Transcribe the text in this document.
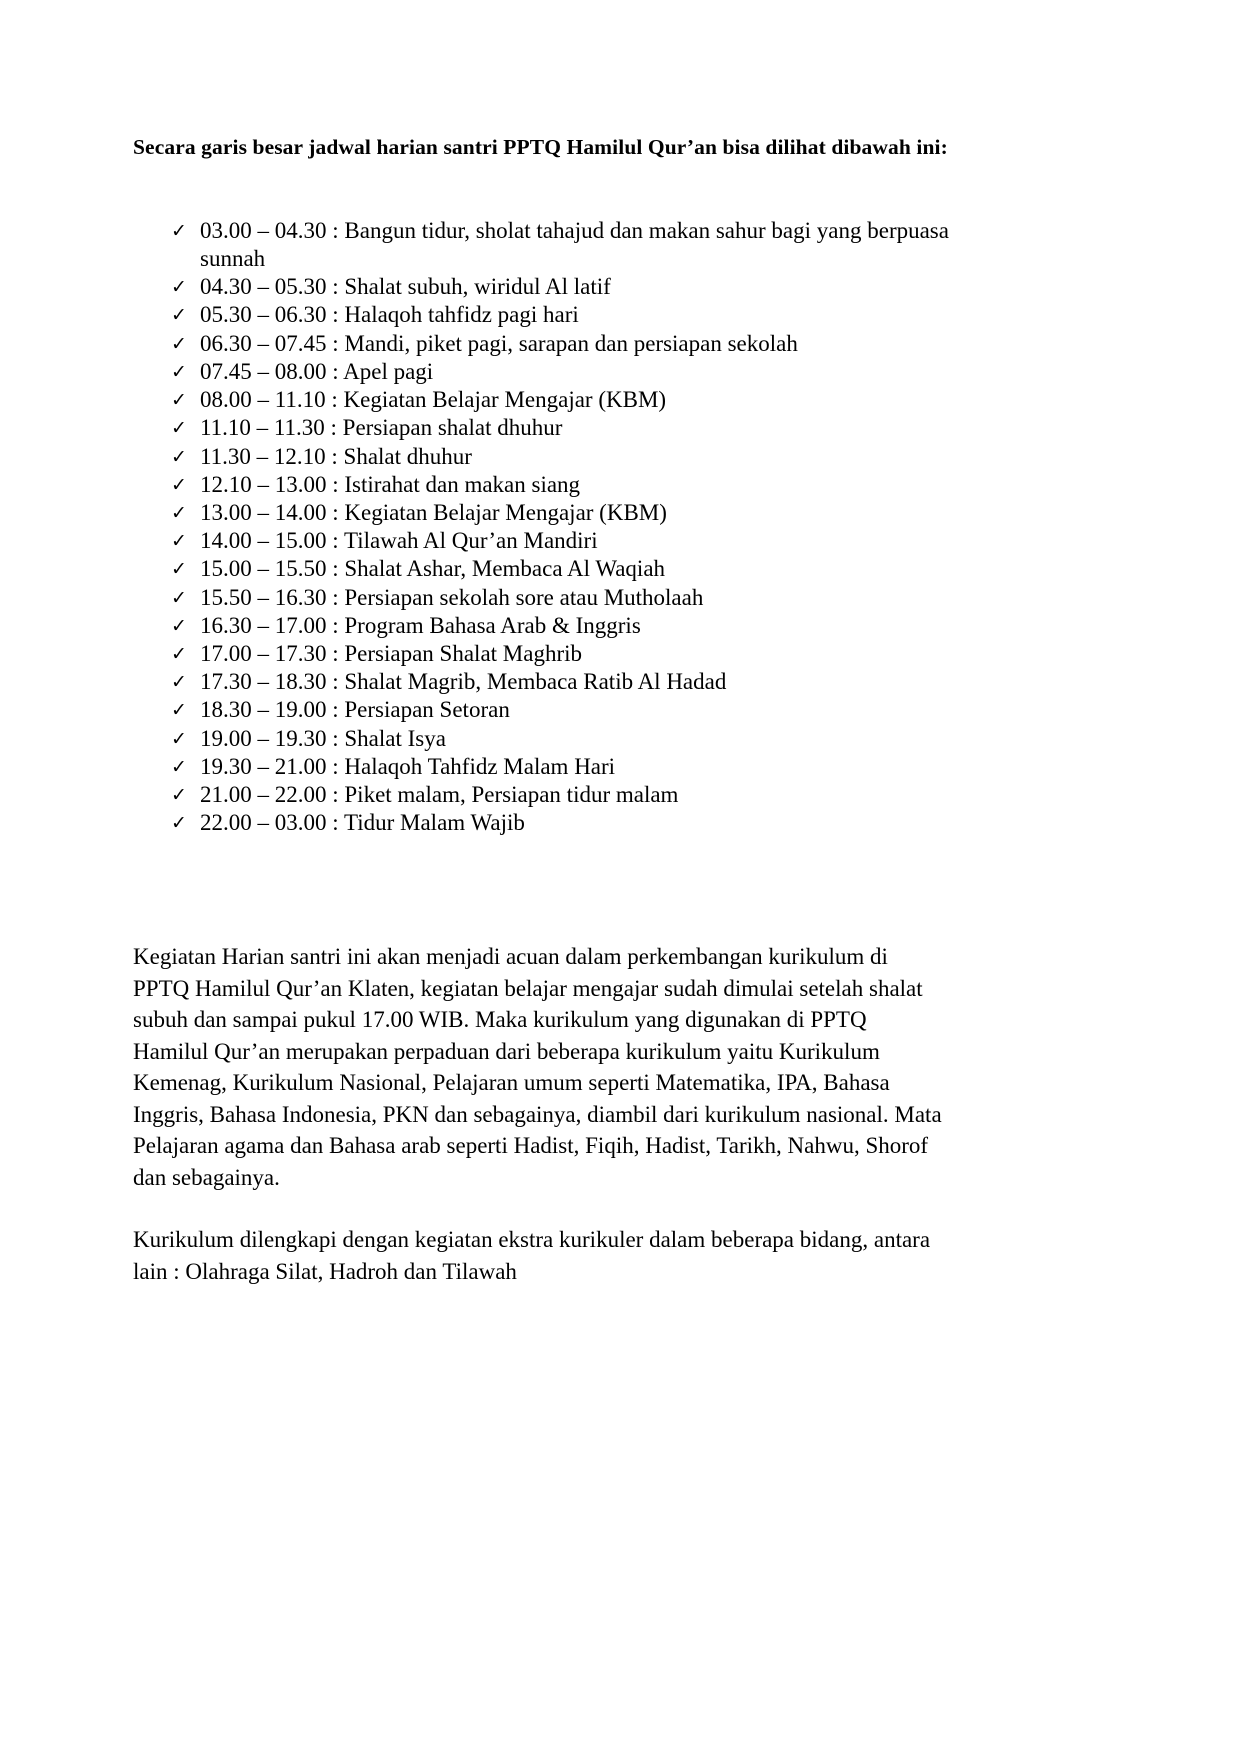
Secara garis besar jadwal harian santri PPTQ Hamilul Qur’an bisa dilihat dibawah ini:

✓ 03.00 – 04.30 : Bangun tidur, sholat tahajud dan makan sahur bagi yang berpuasa sunnah
✓ 04.30 – 05.30 : Shalat subuh, wiridul Al latif
✓ 05.30 – 06.30 : Halaqoh tahfidz pagi hari
✓ 06.30 – 07.45 : Mandi, piket pagi, sarapan dan persiapan sekolah
✓ 07.45 – 08.00 : Apel pagi
✓ 08.00 – 11.10 : Kegiatan Belajar Mengajar (KBM)
✓ 11.10 – 11.30 : Persiapan shalat dhuhur
✓ 11.30 – 12.10 : Shalat dhuhur
✓ 12.10 – 13.00 : Istirahat dan makan siang
✓ 13.00 – 14.00 : Kegiatan Belajar Mengajar (KBM)
✓ 14.00 – 15.00 : Tilawah Al Qur’an Mandiri
✓ 15.00 – 15.50 : Shalat Ashar, Membaca Al Waqiah
✓ 15.50 – 16.30 : Persiapan sekolah sore atau Mutholaah
✓ 16.30 – 17.00 : Program Bahasa Arab & Inggris
✓ 17.00 – 17.30 : Persiapan Shalat Maghrib
✓ 17.30 – 18.30 : Shalat Magrib, Membaca Ratib Al Hadad
✓ 18.30 – 19.00 : Persiapan Setoran
✓ 19.00 – 19.30 : Shalat Isya
✓ 19.30 – 21.00 : Halaqoh Tahfidz Malam Hari
✓ 21.00 – 22.00 : Piket malam, Persiapan tidur malam
✓ 22.00 – 03.00 : Tidur Malam Wajib

Kegiatan Harian santri ini akan menjadi acuan dalam perkembangan kurikulum di PPTQ Hamilul Qur’an Klaten, kegiatan belajar mengajar sudah dimulai setelah shalat subuh dan sampai pukul 17.00 WIB. Maka kurikulum yang digunakan di PPTQ Hamilul Qur’an merupakan perpaduan dari beberapa kurikulum yaitu Kurikulum Kemenag, Kurikulum Nasional, Pelajaran umum seperti Matematika, IPA, Bahasa Inggris, Bahasa Indonesia, PKN dan sebagainya, diambil dari kurikulum nasional. Mata Pelajaran agama dan Bahasa arab seperti Hadist, Fiqih, Hadist, Tarikh, Nahwu, Shorof dan sebagainya.

Kurikulum dilengkapi dengan kegiatan ekstra kurikuler dalam beberapa bidang, antara lain : Olahraga Silat, Hadroh dan Tilawah
